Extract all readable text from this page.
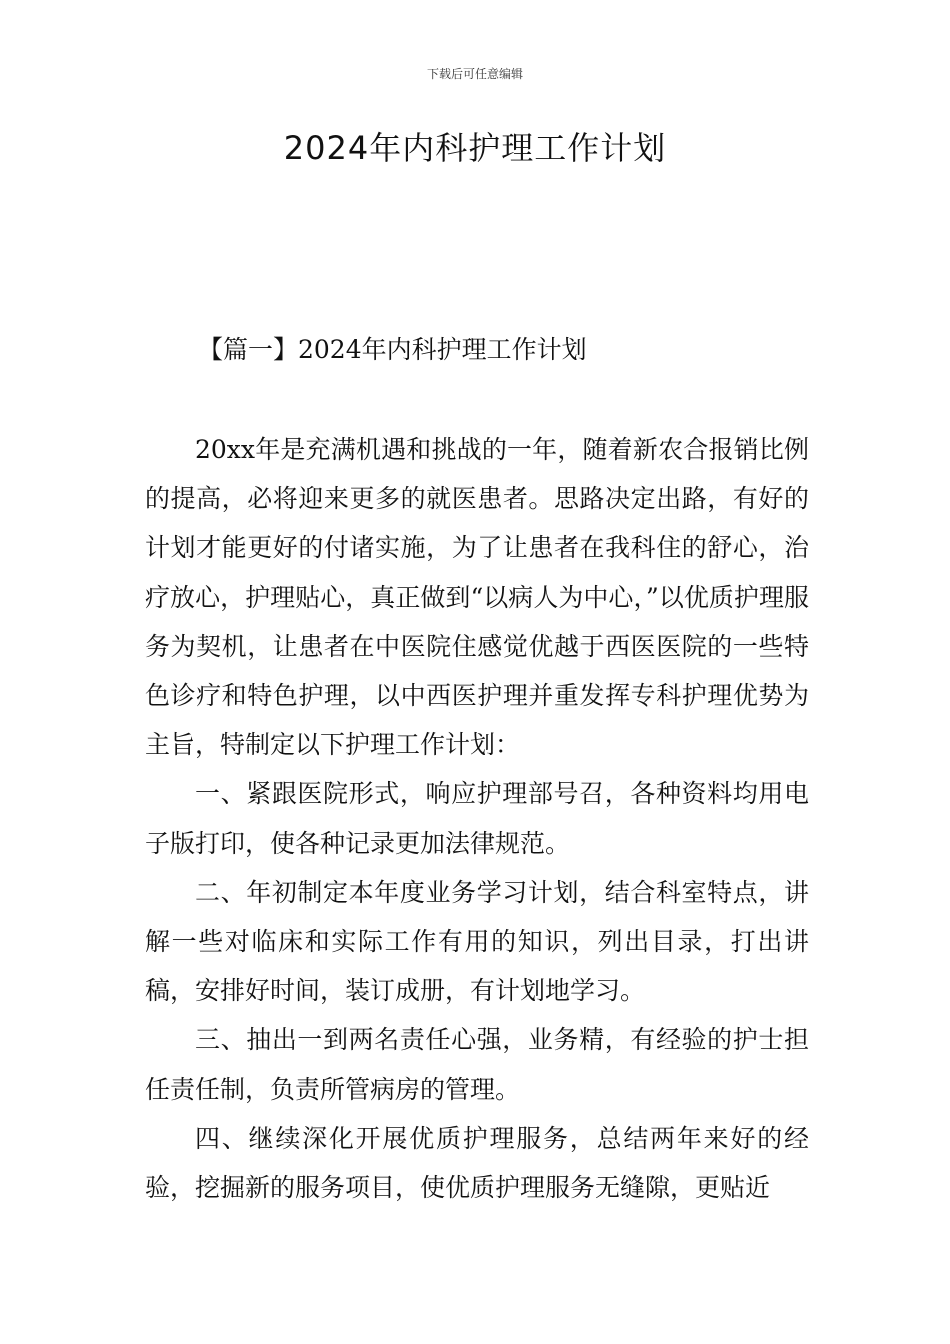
下载后可任意编辑
2024年内科护理工作计划
【篇一】2024年内科护理工作计划

20xx年是充满机遇和挑战的一年，随着新农合报销比例的提高，必将迎来更多的就医患者。思路决定出路，有好的计划才能更好的付诸实施，为了让患者在我科住的舒心，治疗放心，护理贴心，真正做到“以病人为中心，”以优质护理服务为契机，让患者在中医院住感觉优越于西医医院的一些特色诊疗和特色护理，以中西医护理并重发挥专科护理优势为主旨，特制定以下护理工作计划：

一、紧跟医院形式，响应护理部号召，各种资料均用电子版打印，使各种记录更加法律规范。

二、年初制定本年度业务学习计划，结合科室特点，讲解一些对临床和实际工作有用的知识，列出目录，打出讲稿，安排好时间，装订成册，有计划地学习。

三、抽出一到两名责任心强，业务精，有经验的护士担任责任制，负责所管病房的管理。

四、继续深化开展优质护理服务，总结两年来好的经验，挖掘新的服务项目，使优质护理服务无缝隙，更贴近
